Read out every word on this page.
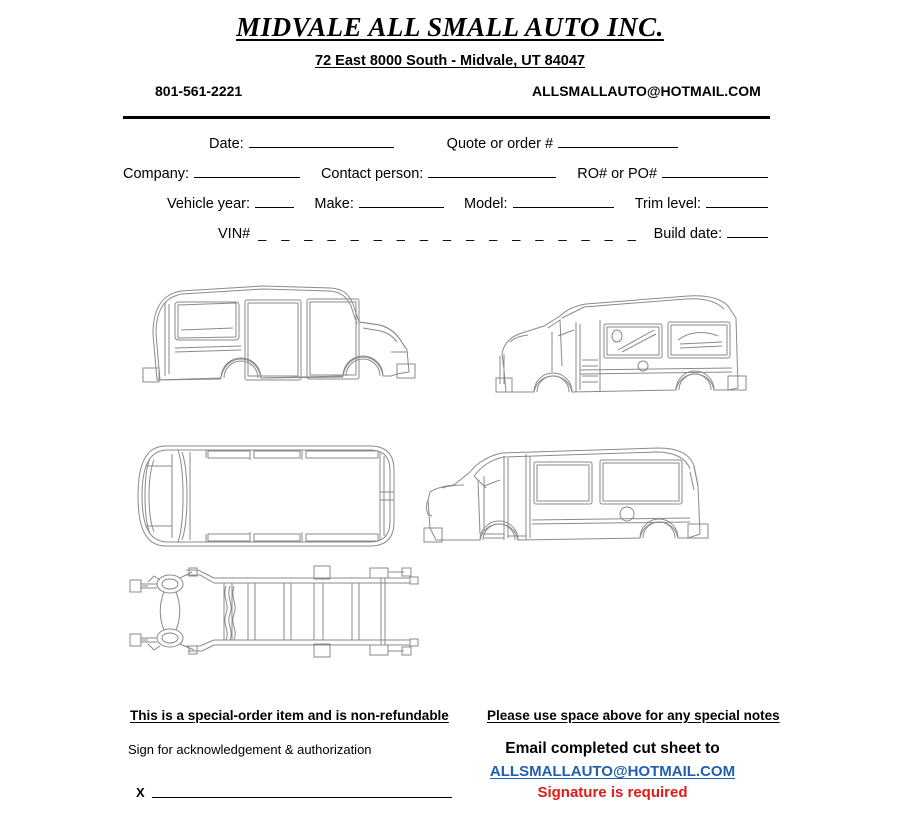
MIDVALE ALL SMALL AUTO INC.
72 East 8000 South - Midvale, UT 84047
801-561-2221	ALLSMALLAUTO@HOTMAIL.COM
Date:	Quote or order #
Company:	Contact person:	RO# or PO#
Vehicle year:	Make:	Model:	Trim level:
VIN# _ _ _ _ _ _ _ _ _ _ _ _ _ _ _ _ _ Build date:
This is a special-order item and is non-refundable	Please use space above for any special notes
Sign for acknowledgement & authorization	Email completed cut sheet to
ALLSMALLAUTO@HOTMAIL.COM
Signature is required
X
